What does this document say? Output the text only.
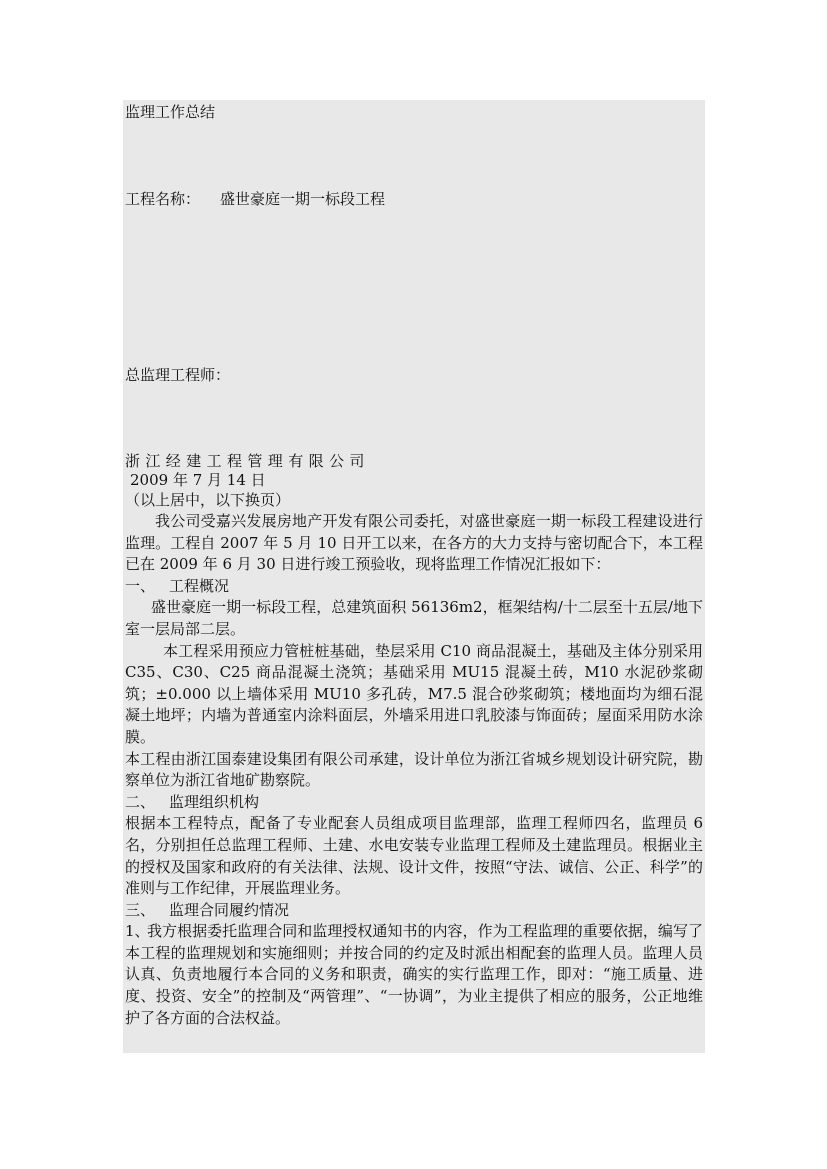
监理工作总结
工程名称： 盛世豪庭一期一标段工程
总监理工程师：
浙江经建工程管理有限公司
2009 年 7 月 14 日
（以上居中，以下换页）

我公司受嘉兴发展房地产开发有限公司委托，对盛世豪庭一期一标段工程建设进行监理。工程自 2007 年 5 月 10 日开工以来，在各方的大力支持与密切配合下，本工程已在 2009 年 6 月 30 日进行竣工预验收，现将监理工作情况汇报如下：

一、 工程概况

盛世豪庭一期一标段工程，总建筑面积 56136m2，框架结构/十二层至十五层/地下室一层局部二层。

本工程采用预应力管桩桩基础，垫层采用 C10 商品混凝土，基础及主体分别采用 C35、C30、C25 商品混凝土浇筑；基础采用 MU15 混凝土砖，M10 水泥砂浆砌筑；±0.000 以上墙体采用 MU10 多孔砖，M7.5 混合砂浆砌筑；楼地面均为细石混凝土地坪；内墙为普通室内涂料面层，外墙采用进口乳胶漆与饰面砖；屋面采用防水涂膜。

本工程由浙江国泰建设集团有限公司承建，设计单位为浙江省城乡规划设计研究院，勘察单位为浙江省地矿勘察院。

二、 监理组织机构

根据本工程特点，配备了专业配套人员组成项目监理部，监理工程师四名，监理员 6 名，分别担任总监理工程师、土建、水电安装专业监理工程师及土建监理员。根据业主的授权及国家和政府的有关法律、法规、设计文件，按照“守法、诚信、公正、科学”的准则与工作纪律，开展监理业务。

三、 监理合同履约情况

1、我方根据委托监理合同和监理授权通知书的内容，作为工程监理的重要依据，编写了本工程的监理规划和实施细则；并按合同的约定及时派出相配套的监理人员。监理人员认真、负责地履行本合同的义务和职责，确实的实行监理工作，即对：“施工质量、进度、投资、安全”的控制及“两管理”、“一协调”，为业主提供了相应的服务，公正地维护了各方面的合法权益。
